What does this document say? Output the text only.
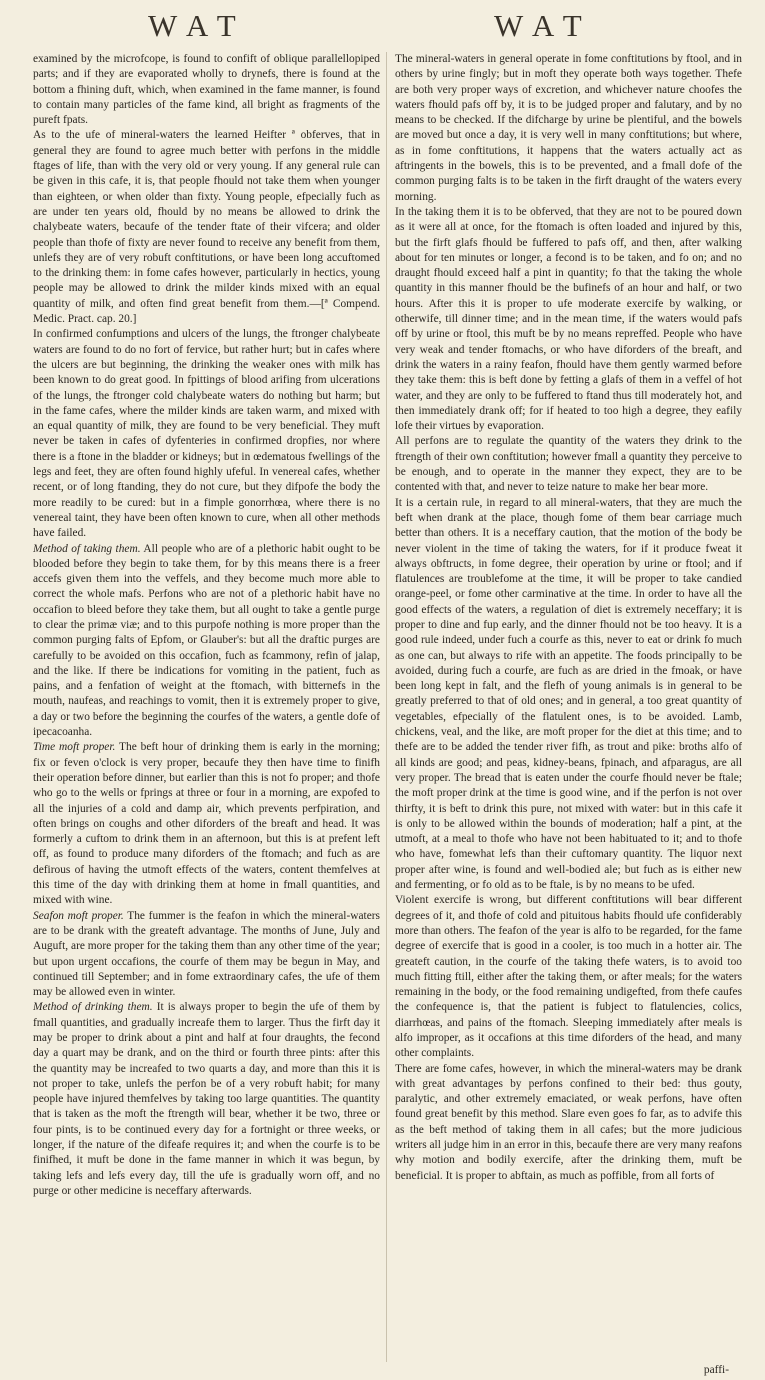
WAT	WAT

examined by the microfcope, is found to confift of oblique parallellopiped parts; and if they are evaporated wholly to drynefs, there is found at the bottom a fhining duft, which, when examined in the fame manner, is found to contain many particles of the fame kind, all bright as fragments of the pureft fpats.

As to the ufe of mineral-waters the learned Heifter ª obferves, that in general they are found to agree much better with perfons in the middle ftages of life, than with the very old or very young. If any general rule can be given in this cafe, it is, that people fhould not take them when younger than eighteen, or when older than fixty. Young people, efpecially fuch as are under ten years old, fhould by no means be allowed to drink the chalybeate waters, becaufe of the tender ftate of their vifcera; and older people than thofe of fixty are never found to receive any benefit from them, unlefs they are of very robuft conftitutions, or have been long accuftomed to the drinking them: in fome cafes however, particularly in hectics, young people may be allowed to drink the milder kinds mixed with an equal quantity of milk, and often find great benefit from them.—[ª Compend. Medic. Pract. cap. 20.]

In confirmed confumptions and ulcers of the lungs, the ftronger chalybeate waters are found to do no fort of fervice, but rather hurt; but in cafes where the ulcers are but beginning, the drinking the weaker ones with milk has been known to do great good. In fpittings of blood arifing from ulcerations of the lungs, the ftronger cold chalybeate waters do nothing but harm; but in the fame cafes, where the milder kinds are taken warm, and mixed with an equal quantity of milk, they are found to be very beneficial. They muft never be taken in cafes of dyfenteries in confirmed dropfies, nor where there is a ftone in the bladder or kidneys; but in œdematous fwellings of the legs and feet, they are often found highly ufeful. In venereal cafes, whether recent, or of long ftanding, they do not cure, but they difpofe the body the more readily to be cured: but in a fimple gonorrhœa, where there is no venereal taint, they have been often known to cure, when all other methods have failed.

Method of taking them. All people who are of a plethoric habit ought to be blooded before they begin to take them, for by this means there is a freer accefs given them into the veffels, and they become much more able to correct the whole mafs. Perfons who are not of a plethoric habit have no occafion to bleed before they take them, but all ought to take a gentle purge to clear the primæ viæ; and to this purpofe nothing is more proper than the common purging falts of Epfom, or Glauber's: but all the draftic purges are carefully to be avoided on this occafion, fuch as fcammony, refin of jalap, and the like. If there be indications for vomiting in the patient, fuch as pains, and a fenfation of weight at the ftomach, with bitternefs in the mouth, naufeas, and reachings to vomit, then it is extremely proper to give, a day or two before the beginning the courfes of the waters, a gentle dofe of ipecacoanha.

Time moft proper. The beft hour of drinking them is early in the morning; fix or feven o'clock is very proper, becaufe they then have time to finifh their operation before dinner, but earlier than this is not fo proper; and thofe who go to the wells or fprings at three or four in a morning, are expofed to all the injuries of a cold and damp air, which prevents perfpiration, and often brings on coughs and other diforders of the breaft and head. It was formerly a cuftom to drink them in an afternoon, but this is at prefent left off, as found to produce many diforders of the ftomach; and fuch as are defirous of having the utmoft effects of the waters, content themfelves at this time of the day with drinking them at home in fmall quantities, and mixed with wine.

Seafon moft proper. The fummer is the feafon in which the mineral-waters are to be drank with the greateft advantage. The months of June, July and Auguft, are more proper for the taking them than any other time of the year; but upon urgent occafions, the courfe of them may be begun in May, and continued till September; and in fome extraordinary cafes, the ufe of them may be allowed even in winter.

Method of drinking them. It is always proper to begin the ufe of them by fmall quantities, and gradually increafe them to larger. Thus the firft day it may be proper to drink about a pint and half at four draughts, the fecond day a quart may be drank, and on the third or fourth three pints: after this the quantity may be increafed to two quarts a day, and more than this it is not proper to take, unlefs the perfon be of a very robuft habit; for many people have injured themfelves by taking too large quantities. The quantity that is taken as the moft the ftrength will bear, whether it be two, three or four pints, is to be continued every day for a fortnight or three weeks, or longer, if the nature of the difeafe requires it; and when the courfe is to be finifhed, it muft be done in the fame manner in which it was begun, by taking lefs and lefs every day, till the ufe is gradually worn off, and no purge or other medicine is neceffary afterwards.

The mineral-waters in general operate in fome conftitutions by ftool, and in others by urine fingly; but in moft they operate both ways together. Thefe are both very proper ways of excretion, and whichever nature choofes the waters fhould pafs off by, it is to be judged proper and falutary, and by no means to be checked. If the difcharge by urine be plentiful, and the bowels are moved but once a day, it is very well in many conftitutions; but where, as in fome conftitutions, it happens that the waters actually act as aftringents in the bowels, this is to be prevented, and a fmall dofe of the common purging falts is to be taken in the firft draught of the waters every morning.

In the taking them it is to be obferved, that they are not to be poured down as it were all at once, for the ftomach is often loaded and injured by this, but the firft glafs fhould be fuffered to pafs off, and then, after walking about for ten minutes or longer, a fecond is to be taken, and fo on; and no draught fhould exceed half a pint in quantity; fo that the taking the whole quantity in this manner fhould be the bufinefs of an hour and half, or two hours. After this it is proper to ufe moderate exercife by walking, or otherwife, till dinner time; and in the mean time, if the waters would pafs off by urine or ftool, this muft be by no means repreffed. People who have very weak and tender ftomachs, or who have diforders of the breaft, and drink the waters in a rainy feafon, fhould have them gently warmed before they take them: this is beft done by fetting a glafs of them in a veffel of hot water, and they are only to be fuffered to ftand thus till moderately hot, and then immediately drank off; for if heated to too high a degree, they eafily lofe their virtues by evaporation.

All perfons are to regulate the quantity of the waters they drink to the ftrength of their own conftitution; however fmall a quantity they perceive to be enough, and to operate in the manner they expect, they are to be contented with that, and never to teize nature to make her bear more.

It is a certain rule, in regard to all mineral-waters, that they are much the beft when drank at the place, though fome of them bear carriage much better than others. It is a neceffary caution, that the motion of the body be never violent in the time of taking the waters, for if it produce fweat it always obftructs, in fome degree, their operation by urine or ftool; and if flatulences are troublefome at the time, it will be proper to take candied orange-peel, or fome other carminative at the time. In order to have all the good effects of the waters, a regulation of diet is extremely neceffary; it is proper to dine and fup early, and the dinner fhould not be too heavy. It is a good rule indeed, under fuch a courfe as this, never to eat or drink fo much as one can, but always to rife with an appetite. The foods principally to be avoided, during fuch a courfe, are fuch as are dried in the fmoak, or have been long kept in falt, and the flefh of young animals is in general to be greatly preferred to that of old ones; and in general, a too great quantity of vegetables, efpecially of the flatulent ones, is to be avoided. Lamb, chickens, veal, and the like, are moft proper for the diet at this time; and to thefe are to be added the tender river fifh, as trout and pike: broths alfo of all kinds are good; and peas, kidney-beans, fpinach, and afparagus, are all very proper. The bread that is eaten under the courfe fhould never be ftale; the moft proper drink at the time is good wine, and if the perfon is not over thirfty, it is beft to drink this pure, not mixed with water: but in this cafe it is only to be allowed within the bounds of moderation; half a pint, at the utmoft, at a meal to thofe who have not been habituated to it; and to thofe who have, fomewhat lefs than their cuftomary quantity. The liquor next proper after wine, is found and well-bodied ale; but fuch as is either new and fermenting, or fo old as to be ftale, is by no means to be ufed.

Violent exercife is wrong, but different conftitutions will bear different degrees of it, and thofe of cold and pituitous habits fhould ufe confiderably more than others. The feafon of the year is alfo to be regarded, for the fame degree of exercife that is good in a cooler, is too much in a hotter air. The greateft caution, in the courfe of the taking thefe waters, is to avoid too much fitting ftill, either after the taking them, or after meals; for the waters remaining in the body, or the food remaining undigefted, from thefe caufes the confequence is, that the patient is fubject to flatulencies, colics, diarrhœas, and pains of the ftomach. Sleeping immediately after meals is alfo improper, as it occafions at this time diforders of the head, and many other complaints.

There are fome cafes, however, in which the mineral-waters may be drank with great advantages by perfons confined to their bed: thus gouty, paralytic, and other extremely emaciated, or weak perfons, have often found great benefit by this method. Slare even goes fo far, as to advife this as the beft method of taking them in all cafes; but the more judicious writers all judge him in an error in this, becaufe there are very many reafons why motion and bodily exercife, after the drinking them, muft be beneficial. It is proper to abftain, as much as poffible, from all forts of

paffi-
